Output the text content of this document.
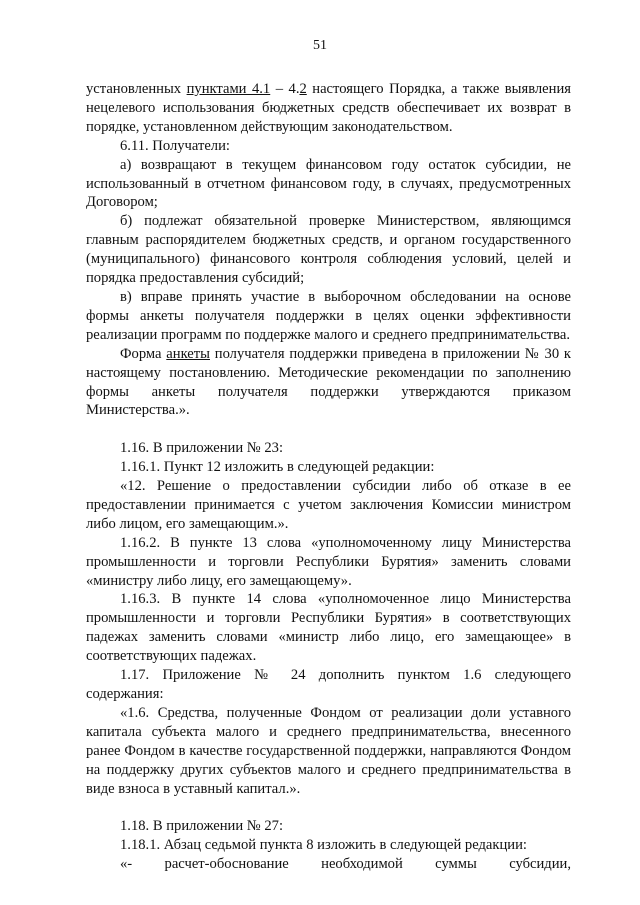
51

установленных пунктами 4.1 – 4.2 настоящего Порядка, а также выявления нецелевого использования бюджетных средств обеспечивает их возврат в порядке, установленном действующим законодательством.

6.11. Получатели:

а) возвращают в текущем финансовом году остаток субсидии, не использованный в отчетном финансовом году, в случаях, предусмотренных Договором;

б) подлежат обязательной проверке Министерством, являющимся главным распорядителем бюджетных средств, и органом государственного (муниципального) финансового контроля соблюдения условий, целей и порядка предоставления субсидий;

в) вправе принять участие в выборочном обследовании на основе формы анкеты получателя поддержки в целях оценки эффективности реализации программ по поддержке малого и среднего предпринимательства.

Форма анкеты получателя поддержки приведена в приложении № 30 к настоящему постановлению. Методические рекомендации по заполнению формы анкеты получателя поддержки утверждаются приказом Министерства.».

1.16. В приложении № 23:

1.16.1. Пункт 12 изложить в следующей редакции:

«12. Решение о предоставлении субсидии либо об отказе в ее предоставлении принимается с учетом заключения Комиссии министром либо лицом, его замещающим.».

1.16.2. В пункте 13 слова «уполномоченному лицу Министерства промышленности и торговли Республики Бурятия» заменить словами «министру либо лицу, его замещающему».

1.16.3. В пункте 14 слова «уполномоченное лицо Министерства промышленности и торговли Республики Бурятия» в соответствующих падежах заменить словами «министр либо лицо, его замещающее» в соответствующих падежах.

1.17. Приложение № 24 дополнить пунктом 1.6 следующего содержания:

«1.6. Средства, полученные Фондом от реализации доли уставного капитала субъекта малого и среднего предпринимательства, внесенного ранее Фондом в качестве государственной поддержки, направляются Фондом на поддержку других субъектов малого и среднего предпринимательства в виде взноса в уставный капитал.».

1.18. В приложении № 27:

1.18.1. Абзац седьмой пункта 8 изложить в следующей редакции:

«- расчет-обоснование необходимой суммы субсидии,
